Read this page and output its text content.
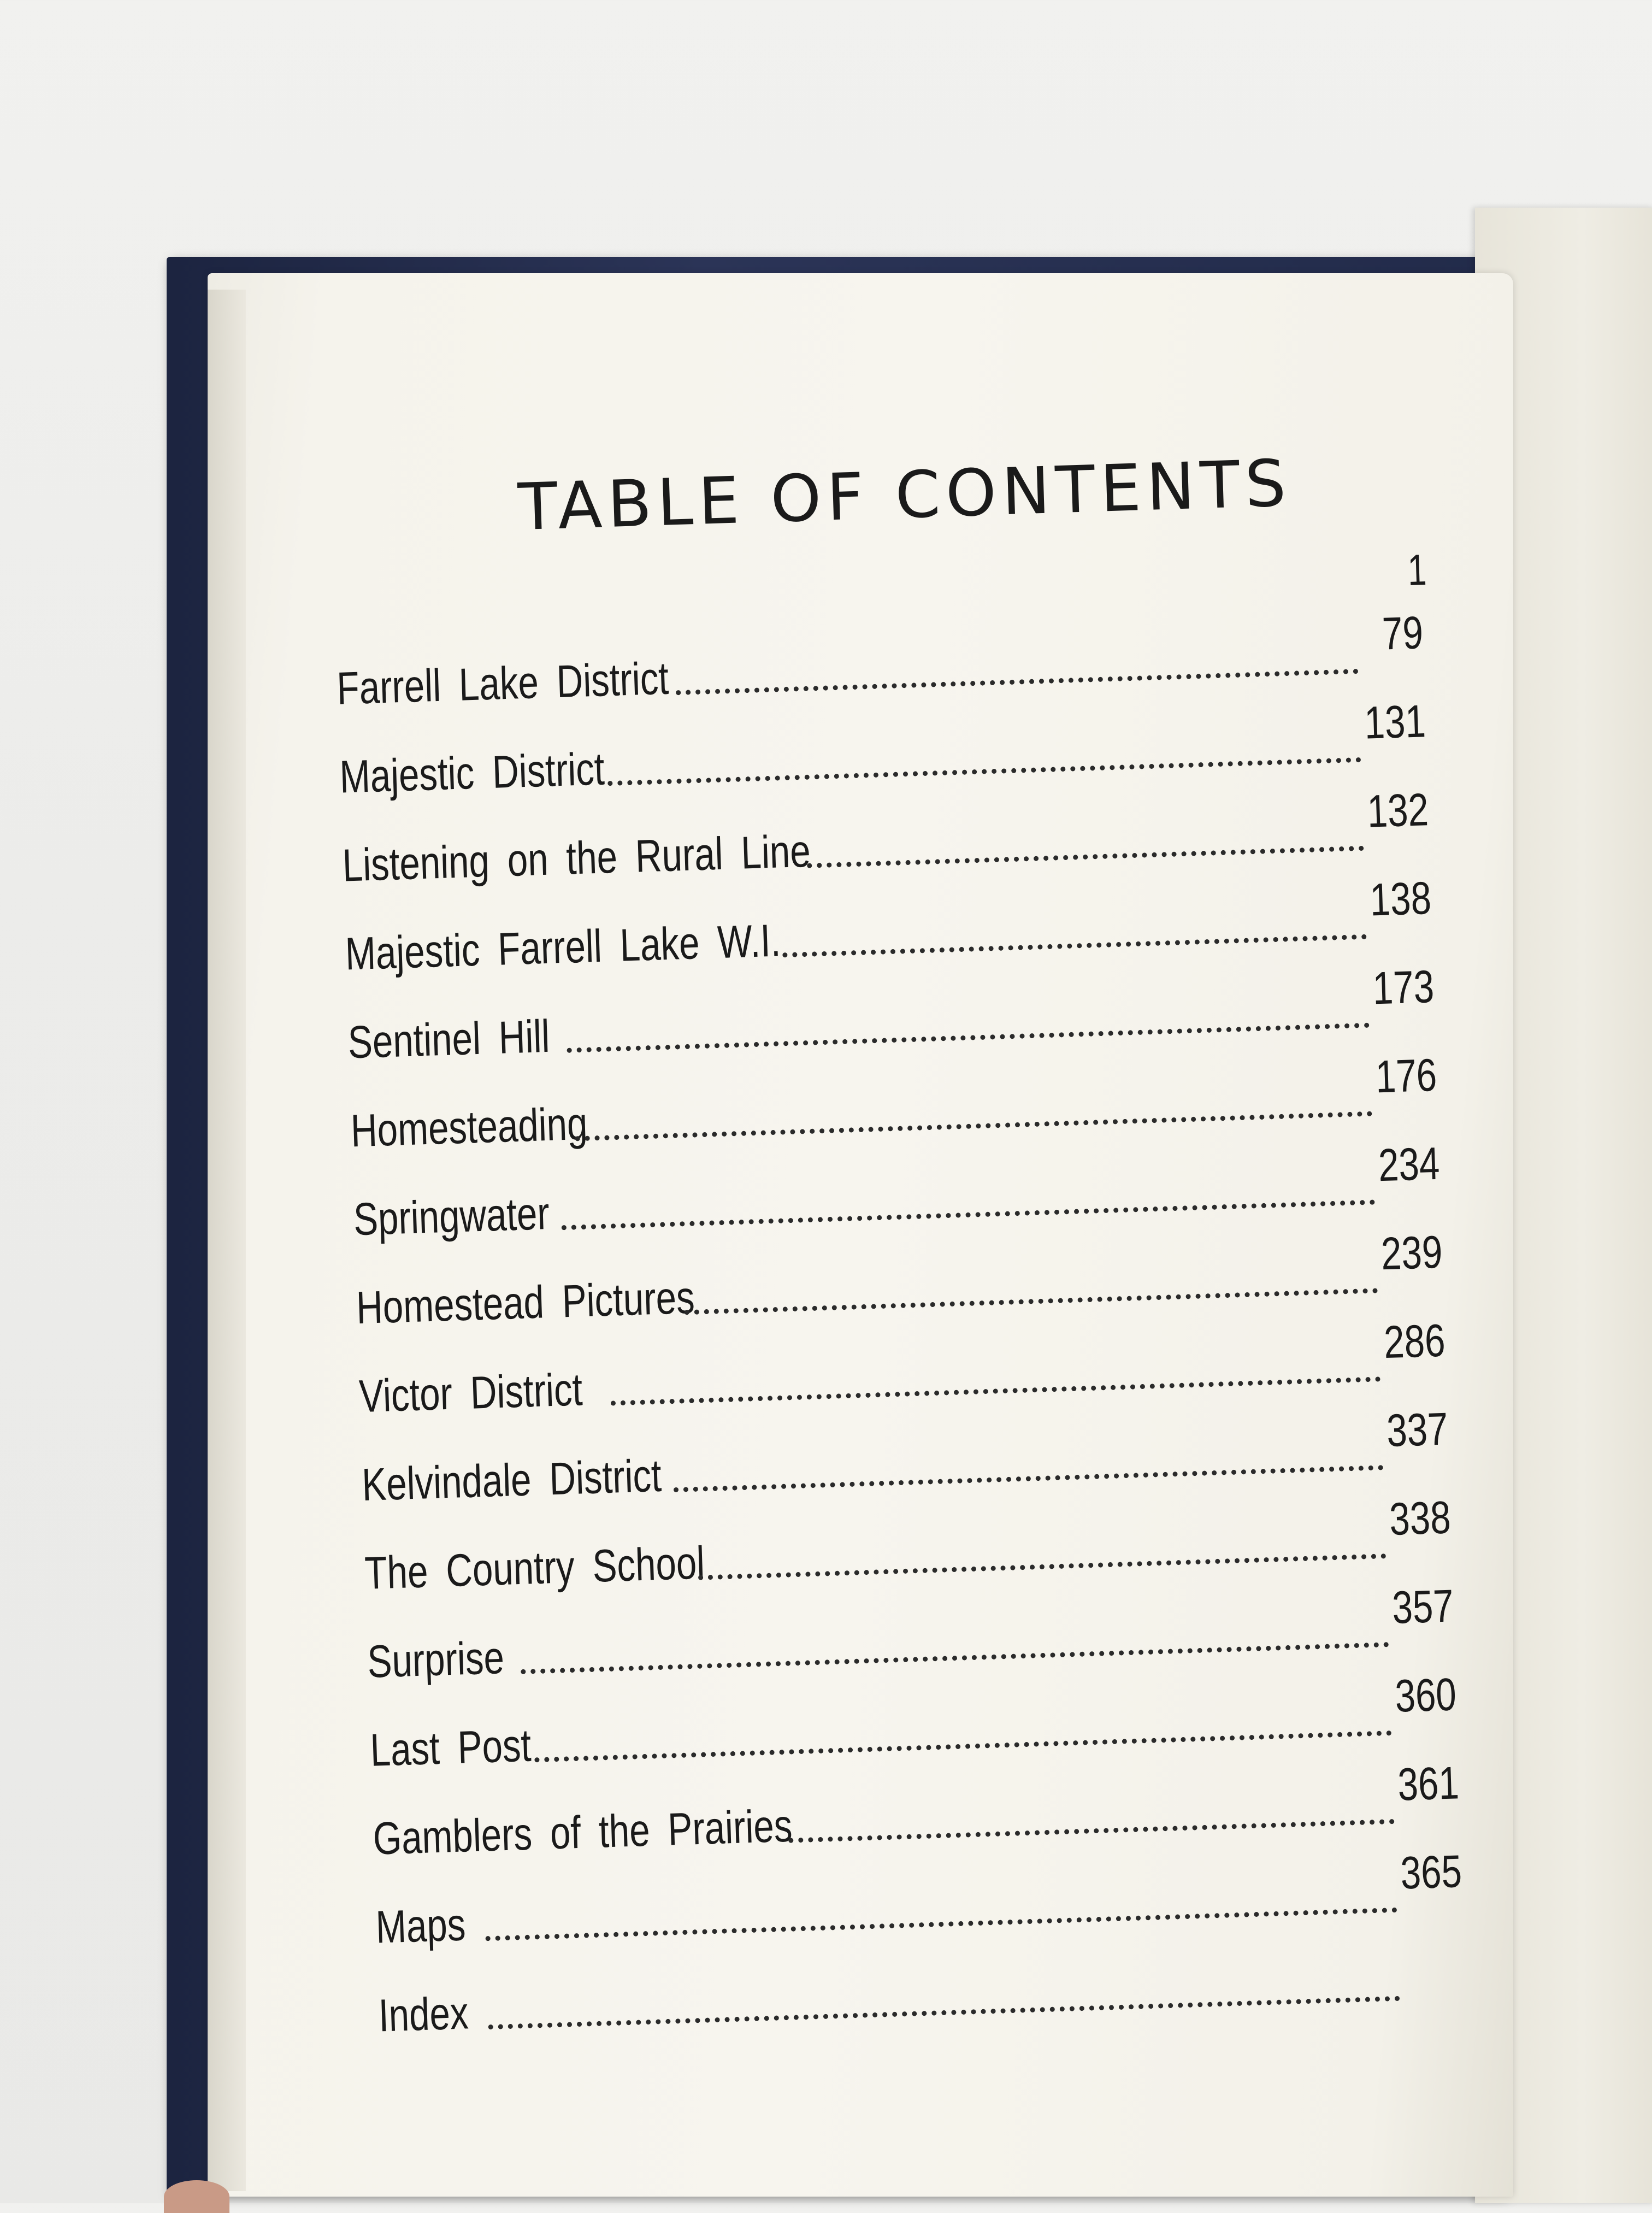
TABLE OF CONTENTS
1
Farrell Lake District
79
Majestic District
131
Listening on the Rural Line
132
Majestic Farrell Lake W.I.
138
Sentinel Hill
173
Homesteading
176
Springwater
234
Homestead Pictures
239
Victor District
286
Kelvindale District
337
The Country School
338
Surprise
357
Last Post
360
Gamblers of the Prairies
361
Maps
365
Index
